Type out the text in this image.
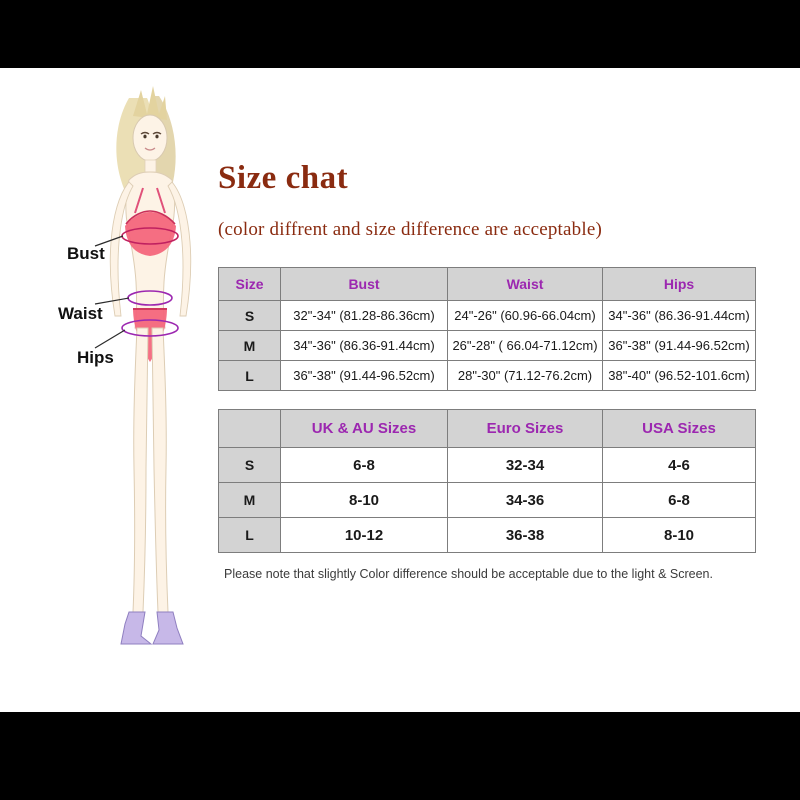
Bust
Waist
Hips
Size chat
(color diffrent and size difference are acceptable)
Size	Bust	Waist	Hips
S	32"-34" (81.28-86.36cm)	24"-26" (60.96-66.04cm)	34"-36" (86.36-91.44cm)
M	34"-36" (86.36-91.44cm)	26"-28" ( 66.04-71.12cm)	36"-38" (91.44-96.52cm)
L	36"-38" (91.44-96.52cm)	28"-30" (71.12-76.2cm)	38"-40" (96.52-101.6cm)
	UK & AU Sizes	Euro Sizes	USA Sizes
S	6-8	32-34	4-6
M	8-10	34-36	6-8
L	10-12	36-38	8-10
Please note that slightly Color difference should be acceptable due to the light & Screen.
